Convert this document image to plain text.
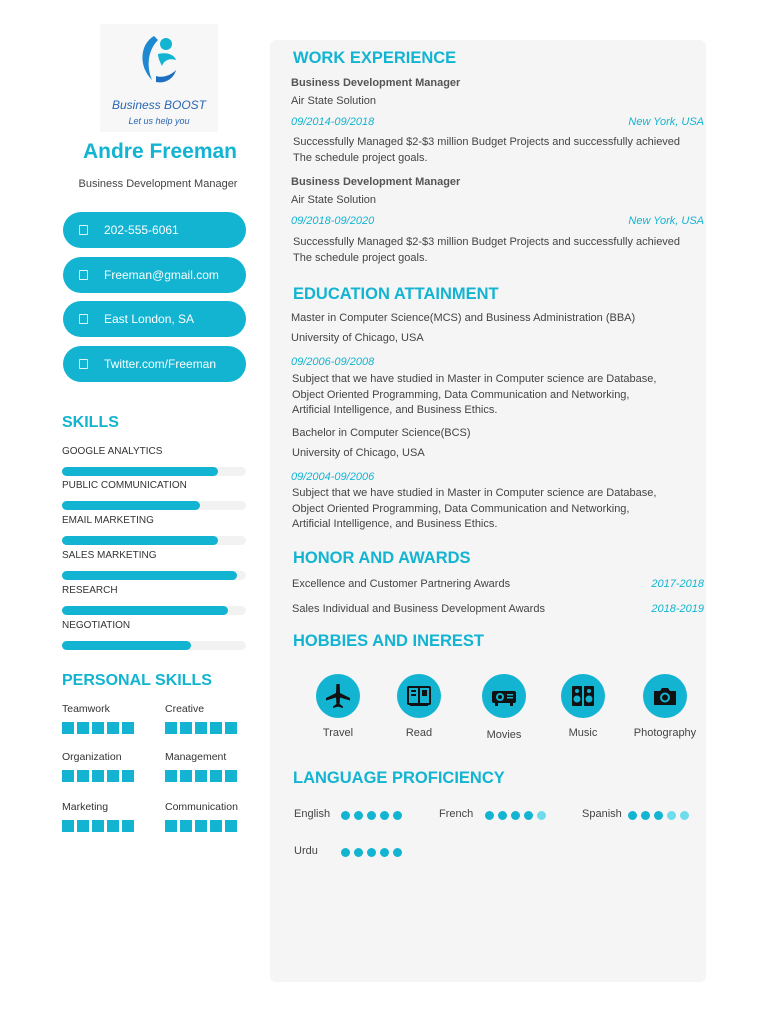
Business BOOST
Let us help you
Andre Freeman
Business Development Manager
202-555-6061
Freeman@gmail.com
East London, SA
Twitter.com/Freeman
SKILLS
GOOGLE ANALYTICS
PUBLIC COMMUNICATION
EMAIL MARKETING
SALES MARKETING
RESEARCH
NEGOTIATION
PERSONAL SKILLS
Teamwork	Creative
Organization	Management
Marketing	Communication
WORK EXPERIENCE
Business Development Manager
Air State Solution
09/2014-09/2018	New York, USA
Successfully Managed $2-$3 million Budget Projects and successfully achieved
The schedule project goals.
Business Development Manager
Air State Solution
09/2018-09/2020	New York, USA
Successfully Managed $2-$3 million Budget Projects and successfully achieved
The schedule project goals.
EDUCATION ATTAINMENT
Master in Computer Science(MCS) and Business Administration (BBA)
University of Chicago, USA
09/2006-09/2008
Subject that we have studied in Master in Computer science are Database,
Object Oriented Programming, Data Communication and Networking,
Artificial Intelligence, and Business Ethics.
Bachelor in Computer Science(BCS)
University of Chicago, USA
09/2004-09/2006
Subject that we have studied in Master in Computer science are Database,
Object Oriented Programming, Data Communication and Networking,
Artificial Intelligence, and Business Ethics.
HONOR AND AWARDS
Excellence and Customer Partnering Awards	2017-2018
Sales Individual and Business Development Awards	2018-2019
HOBBIES AND INEREST
Travel	Read	Movies	Music	Photography
LANGUAGE PROFICIENCY
English	French	Spanish
Urdu
